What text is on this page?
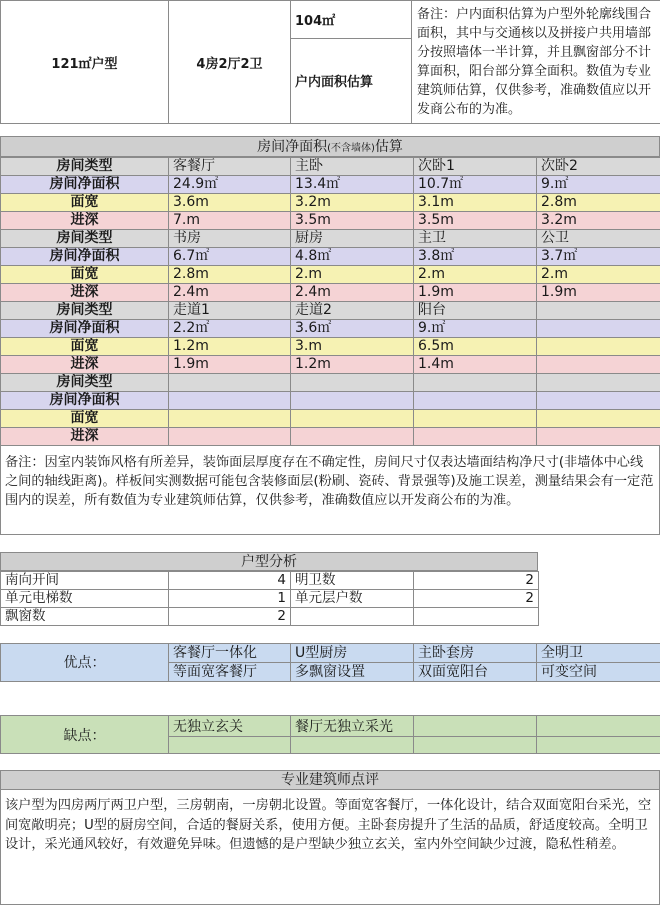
121㎡户型	4房2厅2卫	104㎡	备注：户内面积估算为户型外轮廓线围合面积，其中与交通核以及拼接户共用墙部分按照墙体一半计算，并且飘窗部分不计算面积，阳台部分算全面积。数值为专业建筑师估算，仅供参考，准确数值应以开发商公布的为准。
户内面积估算
房间净面积(不含墙体)估算
房间类型	客餐厅	主卧	次卧1	次卧2
房间净面积	24.9㎡	13.4㎡	10.7㎡	9.㎡
面宽	3.6m	3.2m	3.1m	2.8m
进深	7.m	3.5m	3.5m	3.2m
房间类型	书房	厨房	主卫	公卫
房间净面积	6.7㎡	4.8㎡	3.8㎡	3.7㎡
面宽	2.8m	2.m	2.m	2.m
进深	2.4m	2.4m	1.9m	1.9m
房间类型	走道1	走道2	阳台	
房间净面积	2.2㎡	3.6㎡	9.㎡	
面宽	1.2m	3.m	6.5m	
进深	1.9m	1.2m	1.4m	
房间类型				
房间净面积				
面宽				
进深				
备注：因室内装饰风格有所差异，装饰面层厚度存在不确定性，房间尺寸仅表达墙面结构净尺寸(非墙体中心线之间的轴线距离)。样板间实测数据可能包含装修面层(粉刷、瓷砖、背景强等)及施工误差，测量结果会有一定范围内的误差，所有数值为专业建筑师估算，仅供参考，准确数值应以开发商公布的为准。
户型分析
南向开间	4	明卫数	2
单元电梯数	1	单元层户数	2
飘窗数	2		
优点：	客餐厅一体化	U型厨房	主卧套房	全明卫
	等面宽客餐厅	多飘窗设置	双面宽阳台	可变空间
缺点：	无独立玄关	餐厅无独立采光		

专业建筑师点评
该户型为四房两厅两卫户型，三房朝南，一房朝北设置。等面宽客餐厅，一体化设计，结合双面宽阳台采光，空间宽敞明亮；U型的厨房空间，合适的餐厨关系，使用方便。主卧套房提升了生活的品质，舒适度较高。全明卫设计，采光通风较好，有效避免异味。但遗憾的是户型缺少独立玄关，室内外空间缺少过渡，隐私性稍差。
